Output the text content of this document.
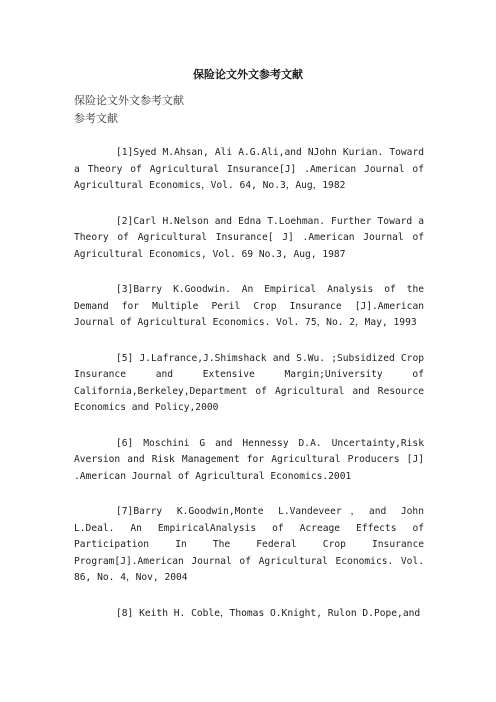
保险论文外文参考文献
保险论文外文参考文献
参考文献

[1]Syed M.Ahsan, Ali A.G.Ali,and NJohn Kurian. Toward a Theory of Agricultural Insurance[J] .American Journal of Agricultural Economics，Vol. 64, No.3，Aug，1982

[2]Carl H.Nelson and Edna T.Loehman. Further Toward a Theory of Agricultural Insurance[ J] .American Journal of Agricultural Economics, Vol. 69 No.3, Aug, 1987

[3]Barry K.Goodwin. An Empirical Analysis of the Demand for Multiple Peril Crop Insurance [J].American Journal of Agricultural Economics. Vol. 75，No. 2，May, 1993

[5] J.Lafrance,J.Shimshack and S.Wu. ;Subsidized Crop Insurance and Extensive Margin;University of California,Berkeley,Department of Agricultural and Resource Economics and Policy,2000

[6] Moschini G and Hennessy D.A. Uncertainty,Risk Aversion and Risk Management for Agricultural Producers [J] .American Journal of Agricultural Economics.2001

[7]Barry K.Goodwin,Monte L.Vandeveer，and John L.Deal. An EmpiricalAnalysis of Acreage Effects of Participation In The Federal Crop Insurance Program[J].American Journal of Agricultural Economics. Vol. 86, No. 4，Nov, 2004

[8] Keith H. Coble，Thomas O.Knight, Rulon D.Pope,and
